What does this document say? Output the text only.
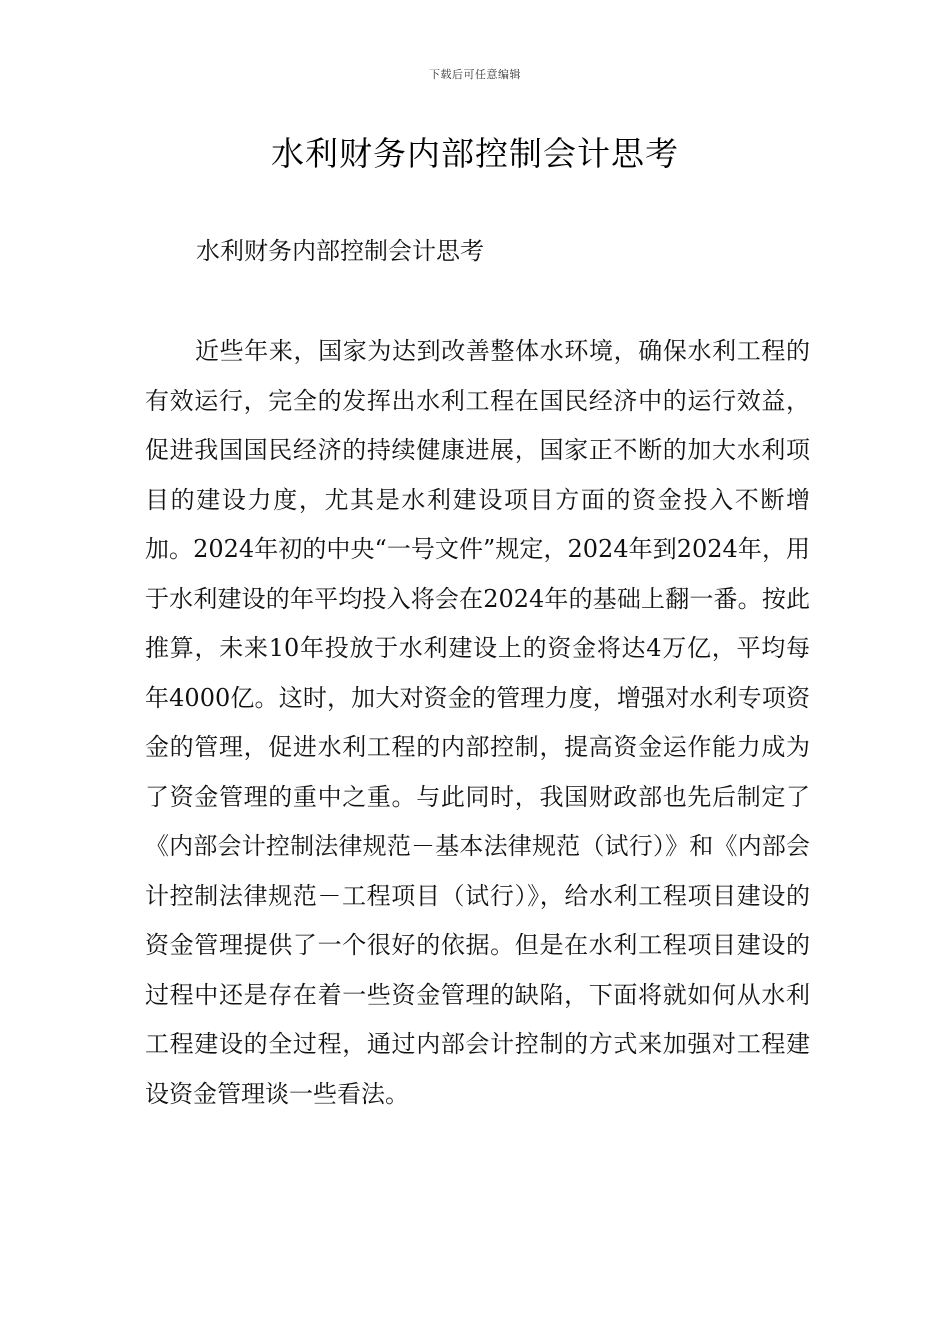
下载后可任意编辑
水利财务内部控制会计思考

水利财务内部控制会计思考

近些年来，国家为达到改善整体水环境，确保水利工程的有效运行，完全的发挥出水利工程在国民经济中的运行效益，促进我国国民经济的持续健康进展，国家正不断的加大水利项目的建设力度，尤其是水利建设项目方面的资金投入不断增加。2024年初的中央“一号文件”规定，2024年到2024年，用于水利建设的年平均投入将会在2024年的基础上翻一番。按此推算，未来10年投放于水利建设上的资金将达4万亿，平均每年4000亿。这时，加大对资金的管理力度，增强对水利专项资金的管理，促进水利工程的内部控制，提高资金运作能力成为了资金管理的重中之重。与此同时，我国财政部也先后制定了《内部会计控制法律规范－基本法律规范（试行）》和《内部会计控制法律规范－工程项目（试行）》，给水利工程项目建设的资金管理提供了一个很好的依据。但是在水利工程项目建设的过程中还是存在着一些资金管理的缺陷，下面将就如何从水利工程建设的全过程，通过内部会计控制的方式来加强对工程建设资金管理谈一些看法。
